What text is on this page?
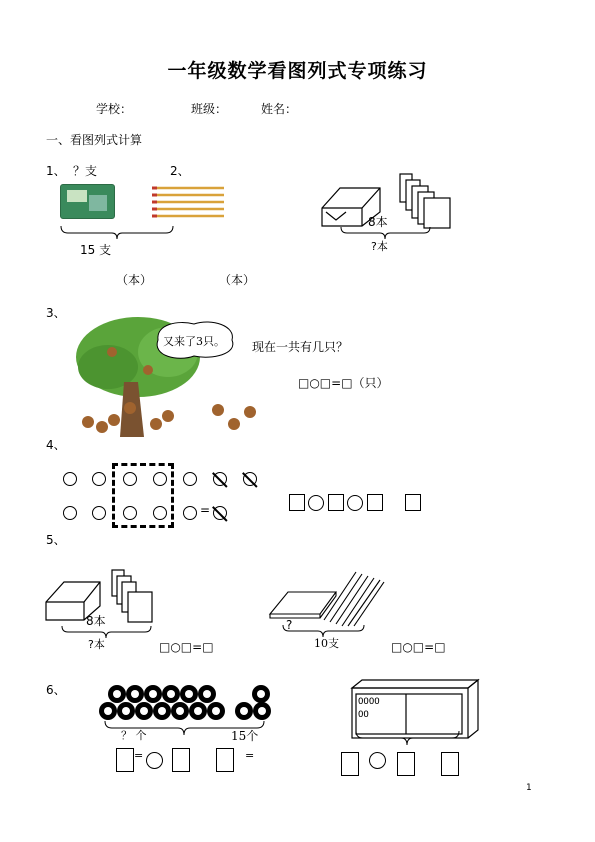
一年级数学看图列式专项练习
学校：	班级：	姓名：
一、看图列式计算
1、 ？支
15 支
（本）
2、
（本）
8本
?本
3、
又来了3只。 现在一共有几只？
□○□=□（只）
4、
=
5、
8本
?本	□○□=□
?
10支	□○□=□
6、
？ 个	15个
=	=
OOOO
OO
1
